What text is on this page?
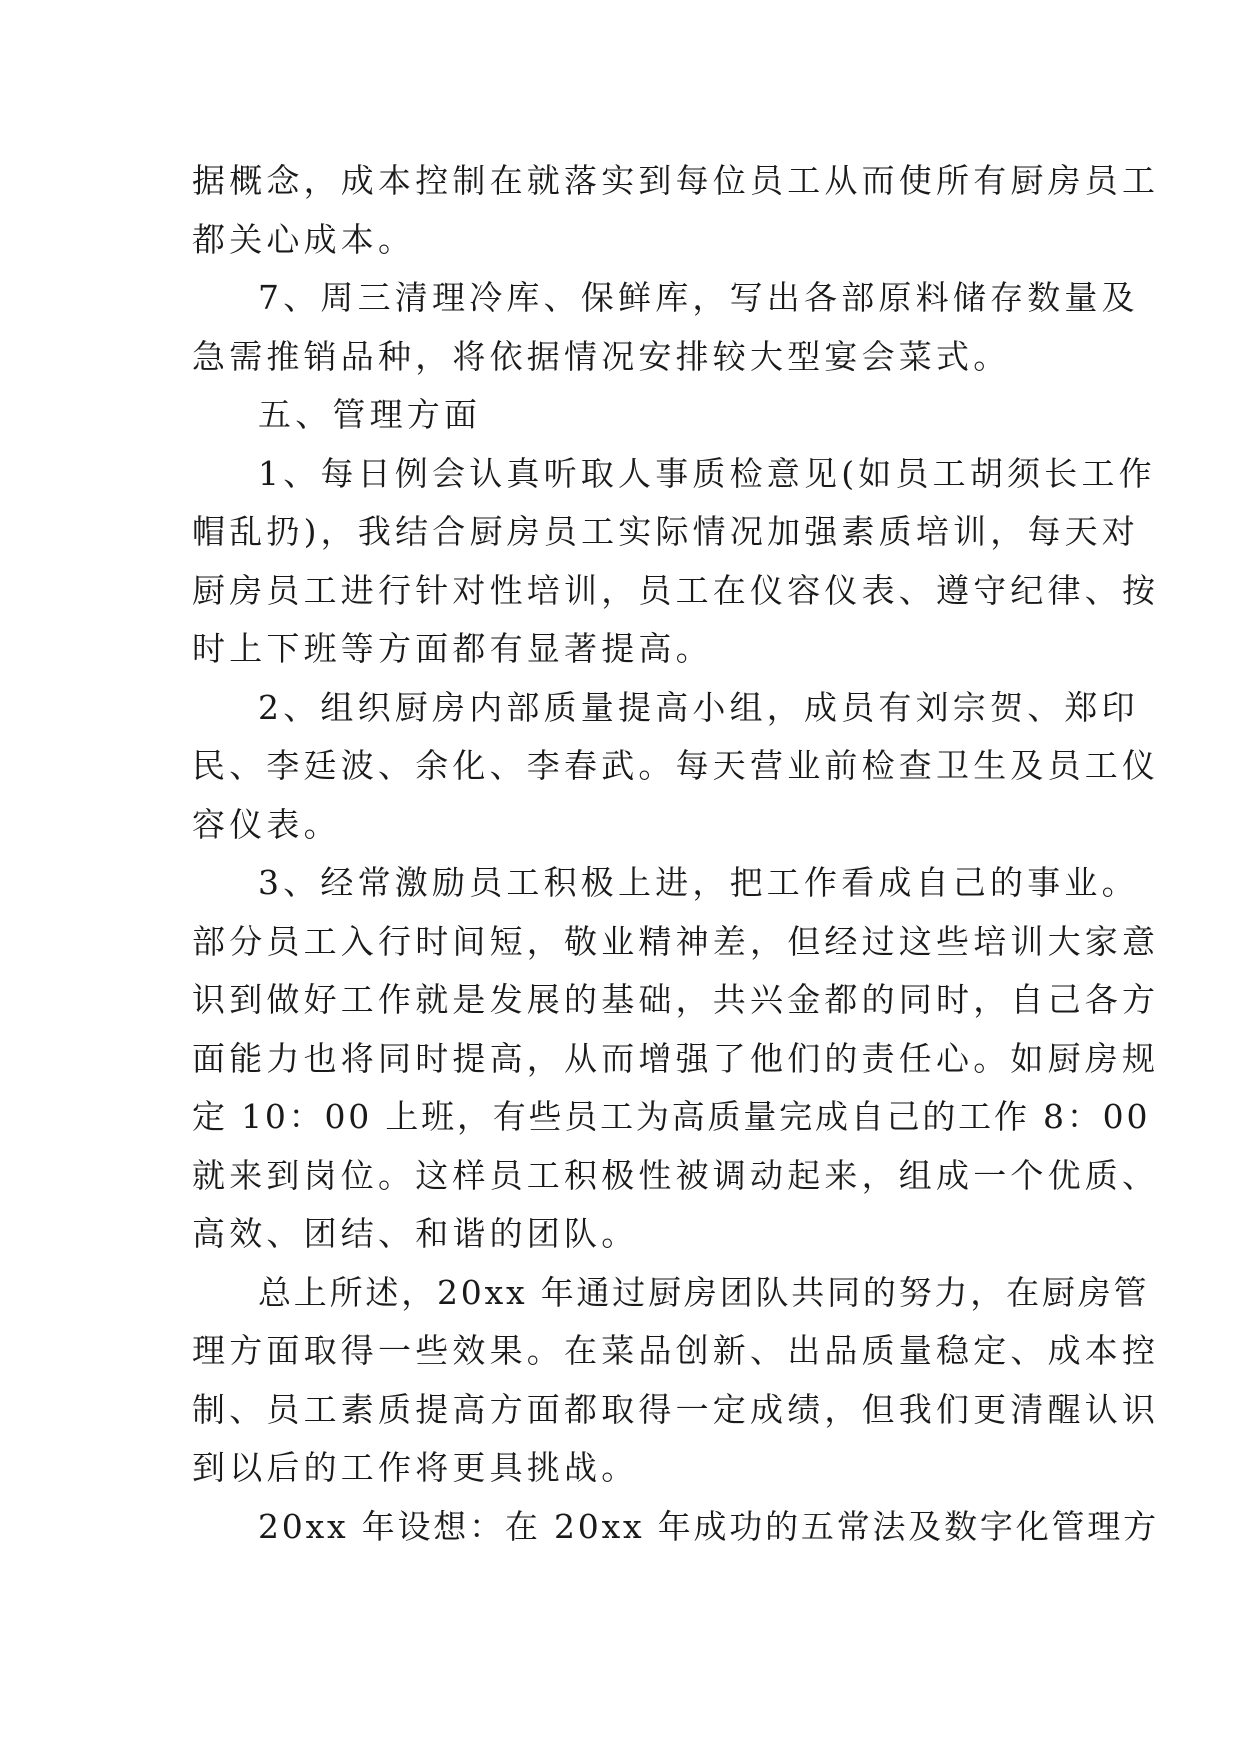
据概念，成本控制在就落实到每位员工从而使所有厨房员工
都关心成本。
7、周三清理冷库、保鲜库，写出各部原料储存数量及
急需推销品种，将依据情况安排较大型宴会菜式。
五、管理方面
1、每日例会认真听取人事质检意见(如员工胡须长工作
帽乱扔)，我结合厨房员工实际情况加强素质培训，每天对
厨房员工进行针对性培训，员工在仪容仪表、遵守纪律、按
时上下班等方面都有显著提高。
2、组织厨房内部质量提高小组，成员有刘宗贺、郑印
民、李廷波、余化、李春武。每天营业前检查卫生及员工仪
容仪表。
3、经常激励员工积极上进，把工作看成自己的事业。
部分员工入行时间短，敬业精神差，但经过这些培训大家意
识到做好工作就是发展的基础，共兴金都的同时，自己各方
面能力也将同时提高，从而增强了他们的责任心。如厨房规
定 10：00 上班，有些员工为高质量完成自己的工作 8：00
就来到岗位。这样员工积极性被调动起来，组成一个优质、
高效、团结、和谐的团队。
总上所述，20xx 年通过厨房团队共同的努力，在厨房管
理方面取得一些效果。在菜品创新、出品质量稳定、成本控
制、员工素质提高方面都取得一定成绩，但我们更清醒认识
到以后的工作将更具挑战。
20xx 年设想：在 20xx 年成功的五常法及数字化管理方
